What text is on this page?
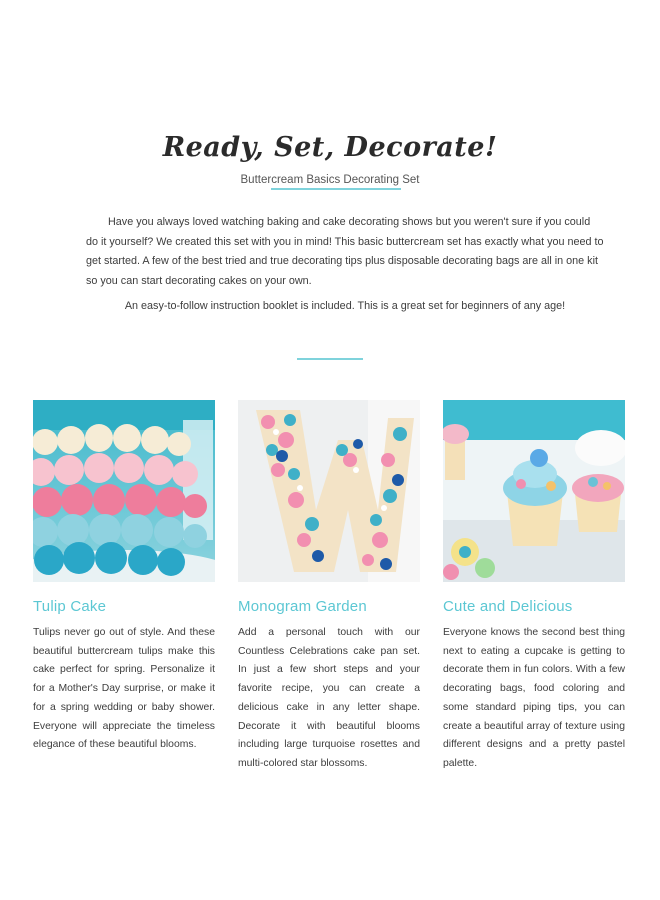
Ready, Set, Decorate!
Buttercream Basics Decorating Set

Have you always loved watching baking and cake decorating shows but you weren't sure if you could do it yourself? We created this set with you in mind! This basic buttercream set has exactly what you need to get started. A few of the best tried and true decorating tips plus disposable decorating bags are all in one kit so you can start decorating cakes on your own.

An easy-to-follow instruction booklet is included. This is a great set for beginners of any age!

Tulip Cake
Tulips never go out of style. And these beautiful buttercream tulips make this cake perfect for spring. Personalize it for a Mother's Day surprise, or make it for a spring wedding or baby shower. Everyone will appreciate the timeless elegance of these beautiful blooms.
Monogram Garden
Add a personal touch with our Countless Celebrations cake pan set. In just a few short steps and your favorite recipe, you can create a delicious cake in any letter shape. Decorate it with beautiful blooms including large turquoise rosettes and multi-colored star blossoms.
Cute and Delicious
Everyone knows the second best thing next to eating a cupcake is getting to decorate them in fun colors. With a few decorating bags, food coloring and some standard piping tips, you can create a beautiful array of texture using different designs and a pretty pastel palette.
